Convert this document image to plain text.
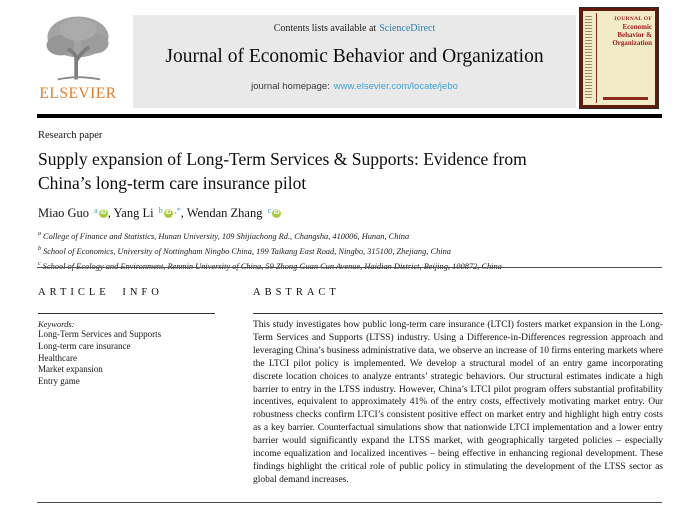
ELSEVIER
Contents lists available at ScienceDirect
Journal of Economic Behavior and Organization
journal homepage: www.elsevier.com/locate/jebo
JOURNAL OF
Economic
Behavior &
Organization
Research paper
Supply expansion of Long-Term Services & Supports: Evidence from China’s long-term care insurance pilot
Miao Guo $^a$ iD , Yang Li $^b$ iD ,*, Wendan Zhang $^c$ iD
$^a$ College of Finance and Statistics, Hunan University, 109 Shijiachong Rd., Changsha, 410006, Hunan, China
$^b$ School of Economics, University of Nottingham Ningbo China, 199 Taikang East Road, Ningbo, 315100, Zhejiang, China
$^c$ School of Ecology and Environment, Renmin University of China, 59 Zhong Guan Cun Avenue, Haidian District, Beijing, 100872, China
ARTICLE INFO
Keywords:
Long-Term Services and Supports
Long-term care insurance
Healthcare
Market expansion
Entry game
ABSTRACT
This study investigates how public long-term care insurance (LTCI) fosters market expansion in the Long-Term Services and Supports (LTSS) industry. Using a Difference-in-Differences regression approach and leveraging China’s business administrative data, we observe an increase of 10 firms entering markets where the LTCI pilot policy is implemented. We develop a structural model of an entry game incorporating discrete location choices to analyze entrants’ strategic behaviors. Our structural estimates indicate a high barrier to entry in the LTSS industry. However, China’s LTCI pilot program offers substantial profitability incentives, equivalent to approximately 41% of the entry costs, effectively motivating market entry. Our robustness checks confirm LTCI’s consistent positive effect on market entry and highlight high entry costs as a key barrier. Counterfactual simulations show that nationwide LTCI implementation and a lower entry barrier would significantly expand the LTSS market, with geographically targeted policies – especially income equalization and localized incentives – being effective in enhancing regional development. These findings highlight the critical role of public policy in stimulating the development of the LTSS sector as global demand increases.
